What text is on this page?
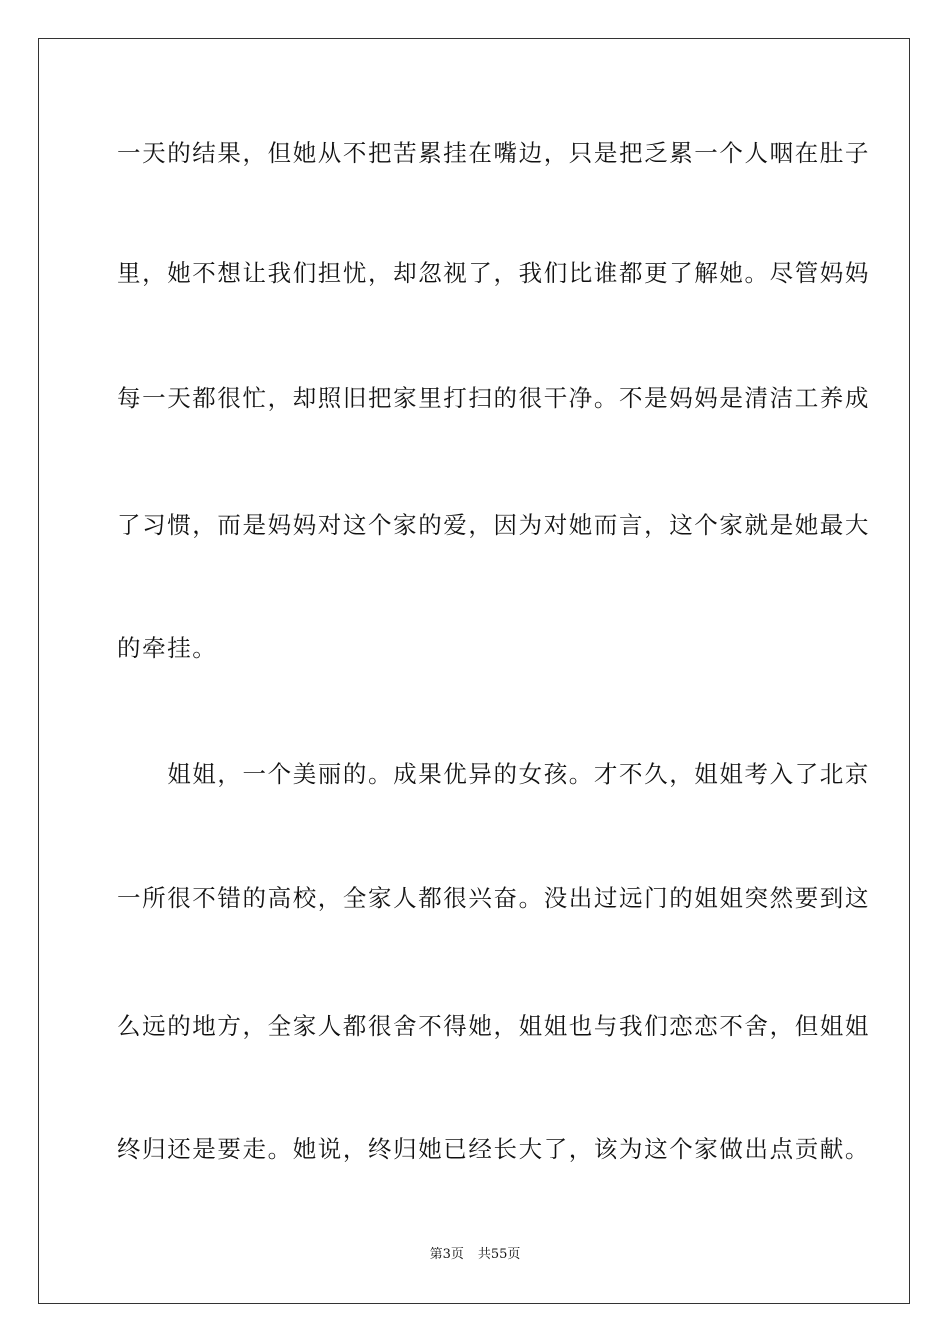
一天的结果，但她从不把苦累挂在嘴边，只是把乏累一个人咽在肚子
里，她不想让我们担忧，却忽视了，我们比谁都更了解她。尽管妈妈
每一天都很忙，却照旧把家里打扫的很干净。不是妈妈是清洁工养成
了习惯，而是妈妈对这个家的爱，因为对她而言，这个家就是她最大
的牵挂。
　　姐姐，一个美丽的。成果优异的女孩。才不久，姐姐考入了北京
一所很不错的高校，全家人都很兴奋。没出过远门的姐姐突然要到这
么远的地方，全家人都很舍不得她，姐姐也与我们恋恋不舍，但姐姐
终归还是要走。她说，终归她已经长大了，该为这个家做出点贡献。
第3页 共55页
